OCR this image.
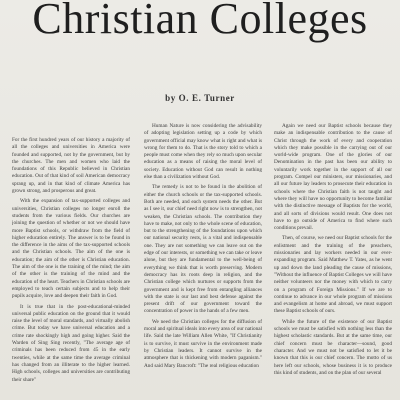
Christian Colleges
by O. E. Turner

For the first hundred years of our history a majority of all the colleges and universities in America were founded and supported, not by the government, but by the churches. The men and women who laid the foundations of this Republic believed in Christian education. Out of that kind of soil American democracy sprang up, and in that kind of climate America has grown strong, and prosperous and great.

With the expansion of tax-supported colleges and universities, Christian colleges no longer enroll the students from the various fields. Our churches are joining the question of whether or not we should have more Baptist schools, or withdraw from the field of higher education entirely. The answer is to be found in the difference in the aims of the tax-supported schools and the Christian schools. The aim of the one is education; the aim of the other is Christian education. The aim of the one is the training of the mind; the aim of the other is the training of the mind and the education of the heart. Teachers in Christian schools are employed to teach certain subjects and to help their pupils acquire, love and deepen their faith in God.

It is true that in the post-educational-minded universal public education on the ground that it would raise the level of moral standards, and virtually abolish crime. But today we have universal education and a crime rate shockingly high and going higher. Said the Warden of Sing Sing recently, "The average age of criminals has been reduced from 45 in the early twenties, while at the same time the average criminal has changed from an illiterate to the higher learned. High schools, colleges and universities are contributing their share"

Human Nature is now considering the advisability of adopting legislation setting up a code by which government official may know what is right and what is wrong for them to do. That is the story told to which a people must come when they rely so much upon secular education as a means of raising the moral level of society. Education without God can result in nothing else than a civilization without God.

The remedy is not to be found in the abolition of either the church schools or the tax-supported schools. Both are needed, and each system needs the other. But as I see it, our chief need right now is to strengthen, not weaken, the Christian schools. The contribution they have to make, not only to the whole scene of education, but to the strengthening of the foundations upon which our national security rests, is a vital and indispensable one. They are not something we can leave out on the edge of our interests, or something we can take or leave alone, but they are fundamental to the well-being of everything we think that is worth preserving. Modern democracy has its roots deep in religion, and the Christian college which nurtures or supports from the government and is kept free from entangling alliances with the state is our last and best defense against the present drift of our government toward the concentration of power in the hands of a few men.

We need the Christian colleges for the diffusion of moral and spiritual ideals into every area of our national life. Said the late William Allen White, "If Christianity is to survive, it must survive in the environment made by Christian leaders. It cannot survive in the atmosphere that is thickening with modern paganism." And said Mary Bancroft: "The real religious education

Again we need our Baptist schools because they make an indispensable contribution to the cause of Christ through the work of every and cooperation which they make possible in the carrying out of our world-wide program. One of the glories of our Denomination in the past has been our ability to voluntarily work together in the support of all our program. Compel our ministers, our missionaries, and all our future lay leaders to prosecute their education in schools where the Christian faith is not taught and where they will have no opportunity to become familiar with the distinctive message of Baptists for the world, and all sorts of divisions would result. One does not have to go outside of America to find where such conditions prevail.

Then, of course, we need our Baptist schools for the enlistment and the training of the preachers, missionaries and lay workers needed in our ever-expanding program. Said Matthew T. Yates, as he went up and down the land pleading the cause of missions, "Without the influence of Baptist Colleges we will have neither volunteers nor the money with which to carry on a program of Foreign Missions." If we are to continue to advance in our whole program of missions and evangelism at home and abroad, we must support these Baptist schools of ours.

While the future of the existence of our Baptist schools we must be satisfied with nothing less than the highest scholastic standards. But at the same time, our chief concern must be character—sound, good character. And we must not be satisfied to let it be known that this is our chief concern. The motto of us here left our schools, whose business it is to produce this kind of students, and on the plan of our several
